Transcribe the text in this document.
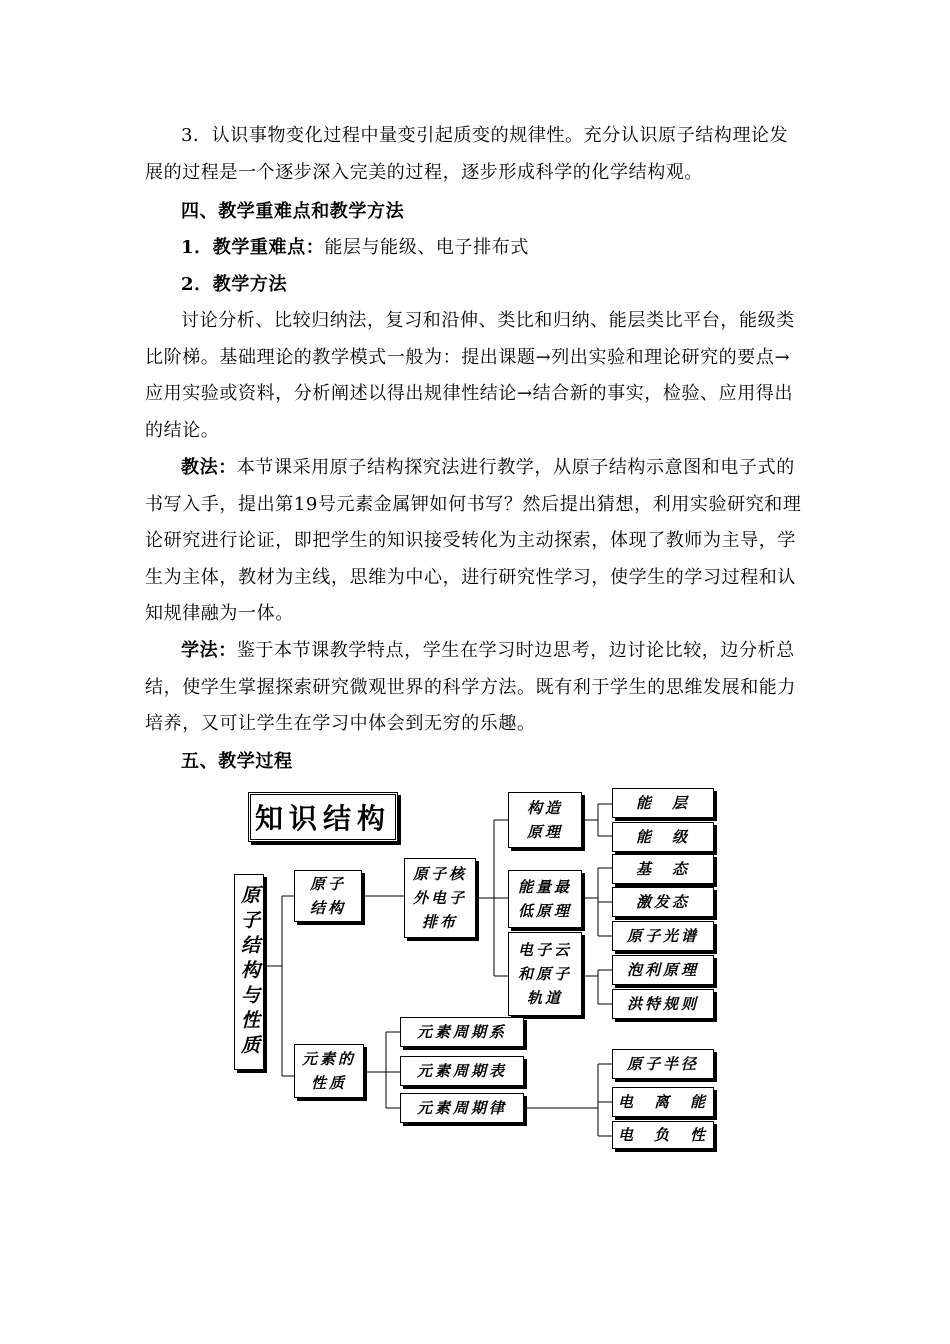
3．认识事物变化过程中量变引起质变的规律性。充分认识原子结构理论发展的过程是一个逐步深入完美的过程，逐步形成科学的化学结构观。
四、教学重难点和教学方法
1．教学重难点：能层与能级、电子排布式
2．教学方法
讨论分析、比较归纳法，复习和沿伸、类比和归纳、能层类比平台，能级类比阶梯。基础理论的教学模式一般为：提出课题→列出实验和理论研究的要点→应用实验或资料，分析阐述以得出规律性结论→结合新的事实，检验、应用得出的结论。
教法：本节课采用原子结构探究法进行教学，从原子结构示意图和电子式的书写入手，提出第19号元素金属钾如何书写？然后提出猜想，利用实验研究和理论研究进行论证，即把学生的知识接受转化为主动探索，体现了教师为主导，学生为主体，教材为主线，思维为中心，进行研究性学习，使学生的学习过程和认知规律融为一体。
学法：鉴于本节课教学特点，学生在学习时边思考，边讨论比较，边分析总结，使学生掌握探索研究微观世界的科学方法。既有利于学生的思维发展和能力培养，又可让学生在学习中体会到无穷的乐趣。
五、教学过程
知识结构
原子结构与性质
原子
结构
原子核
外电子
排布
构造
原理
能　层
能　级
能量最
低原理
基　态
激发态
原子光谱
电子云
和原子
轨道
泡利原理
洪特规则
元素的
性质
元素周期系
元素周期表
元素周期律
原子半径
电　离　能
电　负　性
